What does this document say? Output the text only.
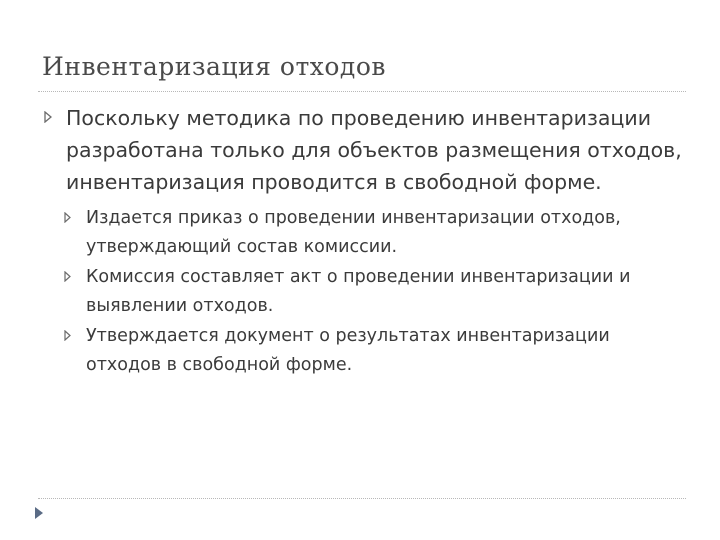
Инвентаризация отходов
Поскольку методика по проведению инвентаризации разработана только для объектов размещения отходов, инвентаризация проводится в свободной форме.
Издается приказ о проведении инвентаризации отходов, утверждающий состав комиссии.
Комиссия составляет акт о проведении инвентаризации и выявлении отходов.
Утверждается документ о результатах инвентаризации отходов в свободной форме.
